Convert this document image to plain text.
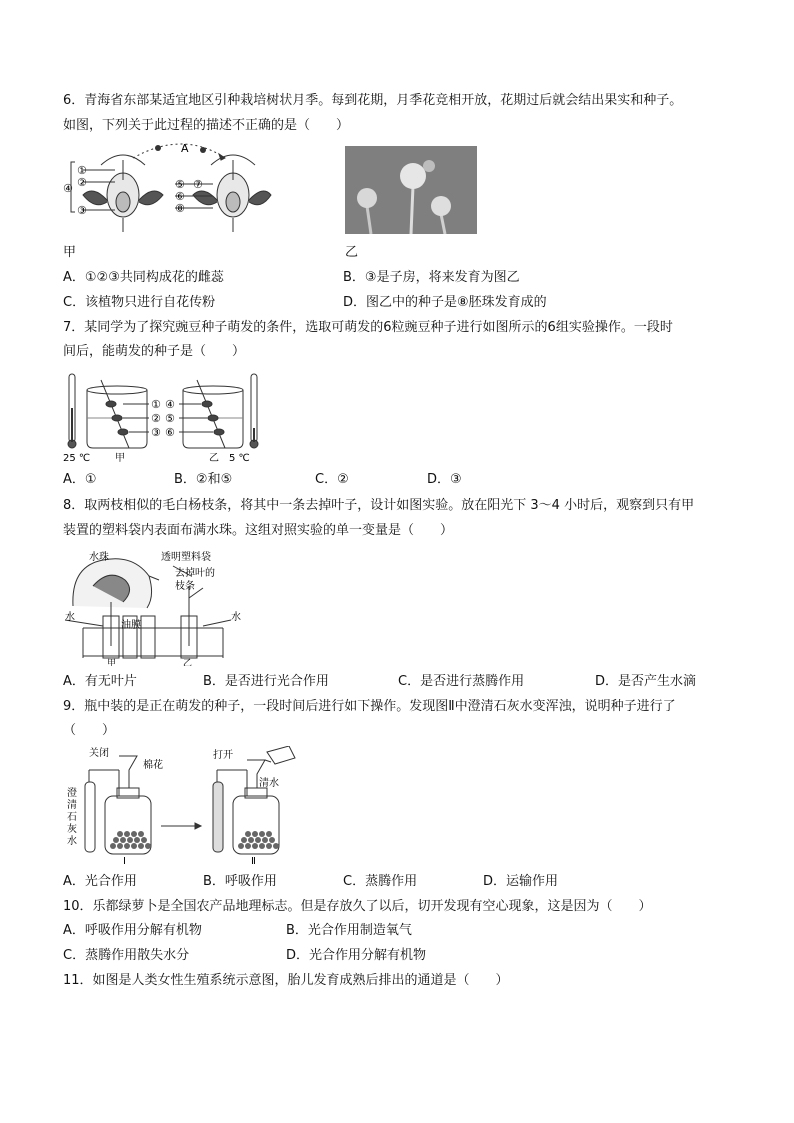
6．青海省东部某适宜地区引种栽培树状月季。每到花期，月季花竞相开放，花期过后就会结出果实和种子。
如图，下列关于此过程的描述不正确的是（　　）
①
②
③
④	⑤
⑥
⑧
⑦
A
甲	乙
A．①②③共同构成花的雌蕊	B．③是子房，将来发育为图乙
C．该植物只进行自花传粉	D．图乙中的种子是⑧胚珠发育成的
7．某同学为了探究豌豆种子萌发的条件，选取可萌发的6粒豌豆种子进行如图所示的6组实验操作。一段时
间后，能萌发的种子是（　　）
①
②
③
④
⑤
⑥
25 ℃ 甲	乙 5 ℃
A．①	B．②和⑤	C．②	D．③
8．取两枝相似的毛白杨枝条，将其中一条去掉叶子，设计如图实验。放在阳光下 3～4 小时后，观察到只有甲
装置的塑料袋内表面布满水珠。这组对照实验的单一变量是（　　）
水珠	透明塑料袋
去掉叶的
枝条
水
油膜
水
甲	乙
A．有无叶片	B．是否进行光合作用	C．是否进行蒸腾作用	D．是否产生水滴
9．瓶中装的是正在萌发的种子，一段时间后进行如下操作。发现图Ⅱ中澄清石灰水变浑浊，说明种子进行了
（　　）
关闭
棉花
打开
清水
澄
清
石
灰
水
Ⅰ	Ⅱ
A．光合作用	B．呼吸作用	C．蒸腾作用	D．运输作用
10．乐都绿萝卜是全国农产品地理标志。但是存放久了以后，切开发现有空心现象，这是因为（　　）
A．呼吸作用分解有机物	B．光合作用制造氧气
C．蒸腾作用散失水分	D．光合作用分解有机物
11．如图是人类女性生殖系统示意图，胎儿发育成熟后排出的通道是（　　）
